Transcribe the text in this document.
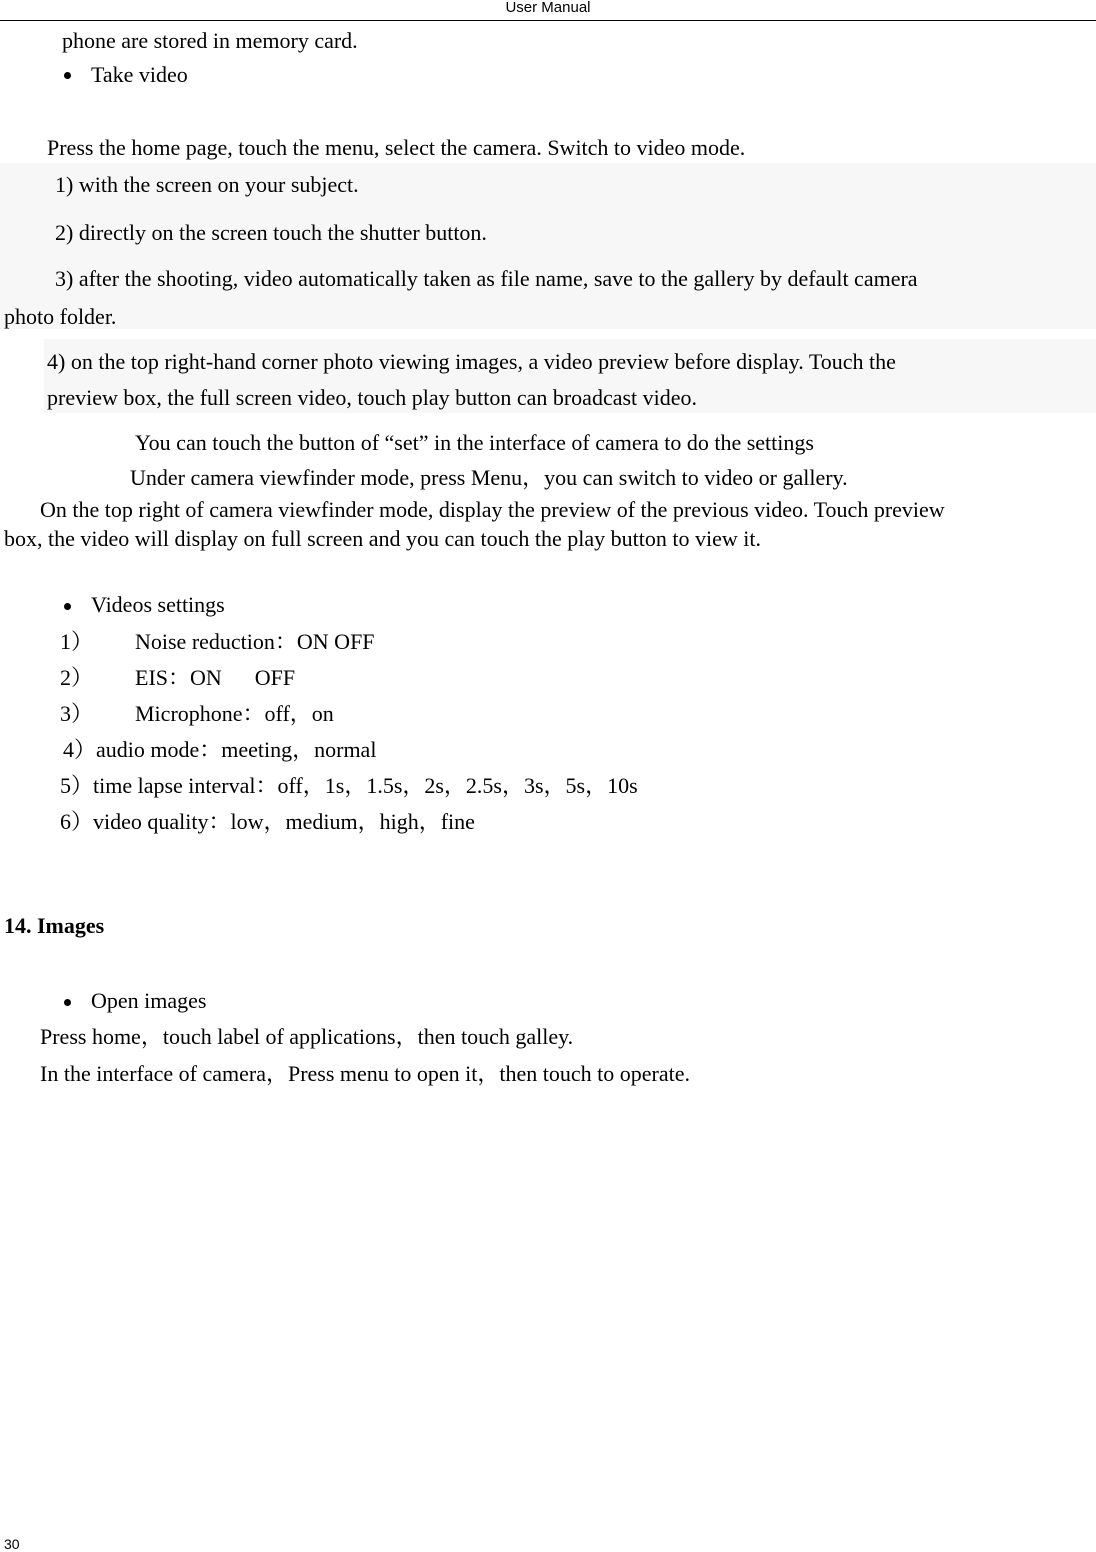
User Manual
phone are stored in memory card.
Take video
Press the home page, touch the menu, select the camera. Switch to video mode.
1) with the screen on your subject.
2) directly on the screen touch the shutter button.
3) after the shooting, video automatically taken as file name, save to the gallery by default camera
photo folder.
4) on the top right-hand corner photo viewing images, a video preview before display. Touch the
preview box, the full screen video, touch play button can broadcast video.
You can touch the button of “set” in the interface of camera to do the settings
Under camera viewfinder mode, press Menu，you can switch to video or gallery.
On the top right of camera viewfinder mode, display the preview of the previous video. Touch preview
box, the video will display on full screen and you can touch the play button to view it.
Videos settings
1） Noise reduction：ON OFF
2） EIS：ON      OFF
3） Microphone：off，on
4）audio mode：meeting，normal
5）time lapse interval：off，1s，1.5s，2s，2.5s，3s，5s，10s
6）video quality：low，medium，high，fine
14. Images
Open images
Press home，touch label of applications，then touch galley.
In the interface of camera，Press menu to open it，then touch to operate.
30
